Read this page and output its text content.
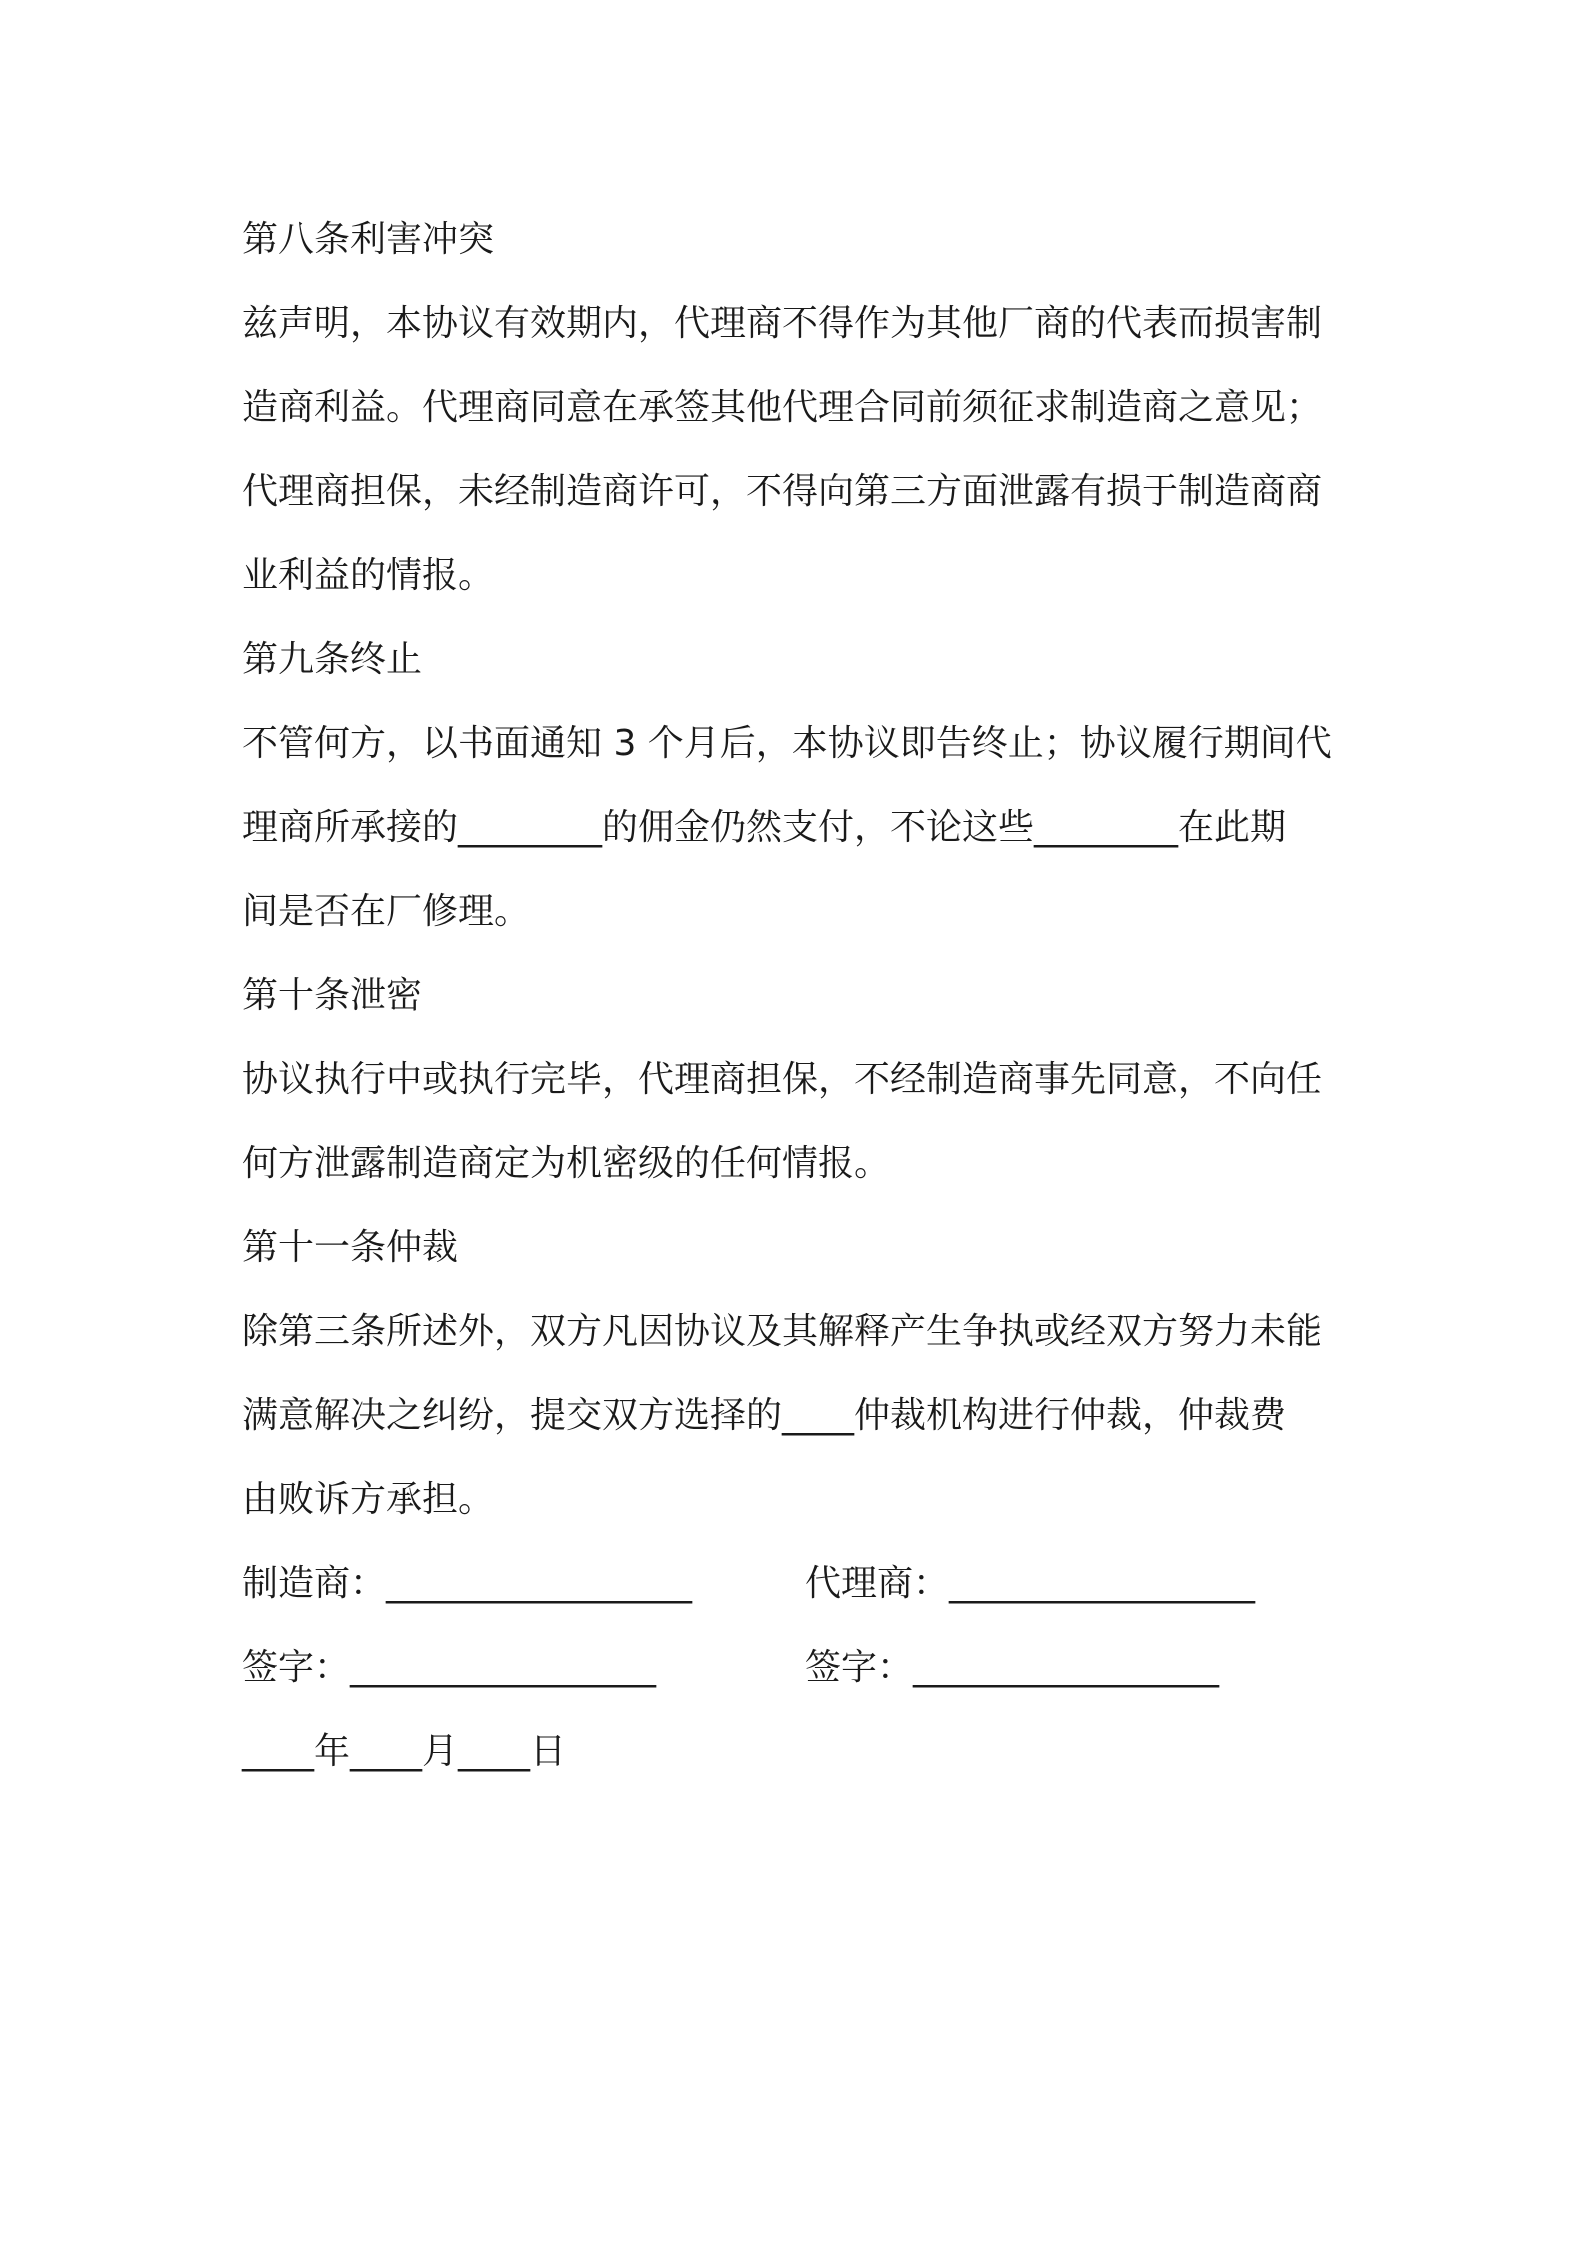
第八条利害冲突
兹声明，本协议有效期内，代理商不得作为其他厂商的代表而损害制
造商利益。代理商同意在承签其他代理合同前须征求制造商之意见；
代理商担保，未经制造商许可，不得向第三方面泄露有损于制造商商
业利益的情报。
第九条终止
不管何方，以书面通知 3 个月后，本协议即告终止；协议履行期间代
理商所承接的________的佣金仍然支付，不论这些________在此期
间是否在厂修理。
第十条泄密
协议执行中或执行完毕，代理商担保，不经制造商事先同意，不向任
何方泄露制造商定为机密级的任何情报。
第十一条仲裁
除第三条所述外，双方凡因协议及其解释产生争执或经双方努力未能
满意解决之纠纷，提交双方选择的____仲裁机构进行仲裁，仲裁费
由败诉方承担。
制造商：_________________	代理商：_________________
签字：_________________	签字：_________________
____年____月____日
